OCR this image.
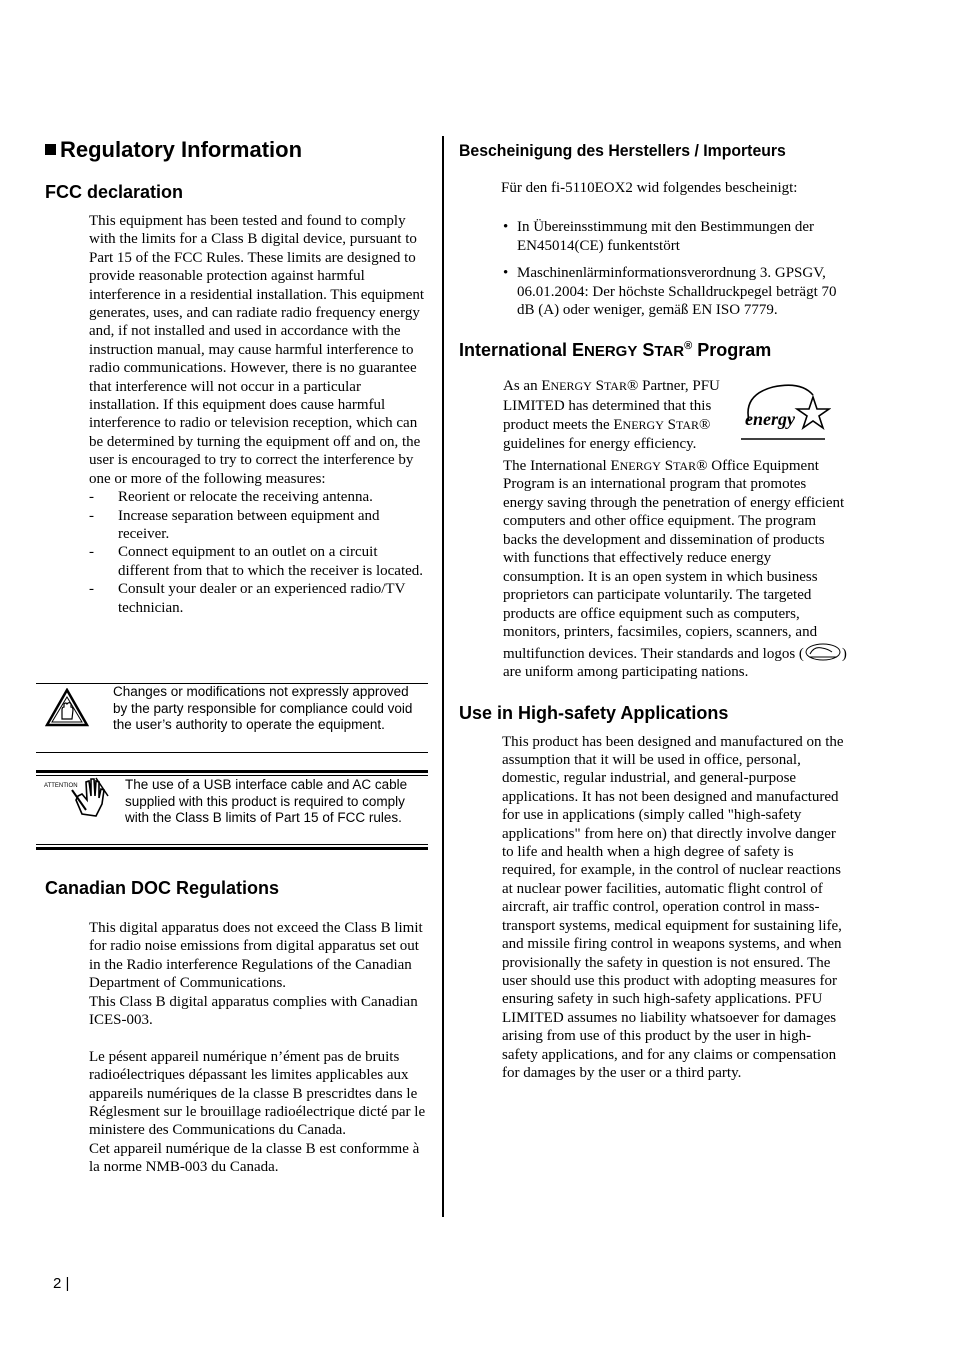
Regulatory Information
FCC declaration

This equipment has been tested and found to comply with the limits for a Class B digital device, pursuant to Part 15 of the FCC Rules. These limits are designed to provide reasonable protection against harmful interference in a residential installation. This equipment generates, uses, and can radiate radio frequency energy and, if not installed and used in accordance with the instruction manual, may cause harmful interference to radio communications. However, there is no guarantee that interference will not occur in a particular installation. If this equipment does cause harmful interference to radio or television reception, which can be determined by turning the equipment off and on, the user is encouraged to try to correct the interference by one or more of the following measures:

- Reorient or relocate the receiving antenna.
- Increase separation between equipment and receiver.
- Connect equipment to an outlet on a circuit different from that to which the receiver is located.
- Consult your dealer or an experienced radio/TV technician.
Changes or modifications not expressly approved by the party responsible for compliance could void the user’s authority to operate the equipment.
ATTENTION	The use of a USB interface cable and AC cable supplied with this product is required to comply with the Class B limits of Part 15 of FCC rules.
Canadian DOC Regulations

This digital apparatus does not exceed the Class B limit for radio noise emissions from digital apparatus set out in the Radio interference Regulations of the Canadian Department of Communications.

This Class B digital apparatus complies with Canadian ICES-003.

Le pésent appareil numérique n’ément pas de bruits radioélectriques dépassant les limites applicables aux appareils numériques de la classe B prescridtes dans le Réglesment sur le brouillage radioélectrique dicté par le ministere des Communications du Canada.

Cet appareil numérique de la classe B est conformme à la norme NMB-003 du Canada.

Bescheinigung des Herstellers / Importeurs

Für den fi-5110EOX2 wid folgendes bescheinigt:

• In Übereinsstimmung mit den Bestimmungen der EN45014(CE) funkentstört
• Maschinenlärminformationsverordnung 3. GPSGV, 06.01.2004: Der höchste Schalldruckpegel beträgt 70 dB (A) oder weniger, gemäß EN ISO 7779.
International ENERGY STAR® Program
energy

As an ENERGY STAR® Partner, PFU LIMITED has determined that this product meets the ENERGY STAR® guidelines for energy efficiency.

The International ENERGY STAR® Office Equipment Program is an international program that promotes energy saving through the penetration of energy efficient computers and other office equipment. The program backs the development and dissemination of products with functions that effectively reduce energy consumption. It is an open system in which business proprietors can participate voluntarily. The targeted products are office equipment such as computers, monitors, printers, facsimiles, copiers, scanners, and multifunction devices. Their standards and logos (	) are uniform among participating nations.

Use in High-safety Applications

This product has been designed and manufactured on the assumption that it will be used in office, personal, domestic, regular industrial, and general-purpose applications. It has not been designed and manufactured for use in applications (simply called "high-safety applications" from here on) that directly involve danger to life and health when a high degree of safety is required, for example, in the control of nuclear reactions at nuclear power facilities, automatic flight control of aircraft, air traffic control, operation control in mass-transport systems, medical equipment for sustaining life, and missile firing control in weapons systems, and when provisionally the safety in question is not ensured. The user should use this product with adopting measures for ensuring safety in such high-safety applications. PFU LIMITED assumes no liability whatsoever for damages arising from use of this product by the user in high-safety applications, and for any claims or compensation for damages by the user or a third party.

2 |
